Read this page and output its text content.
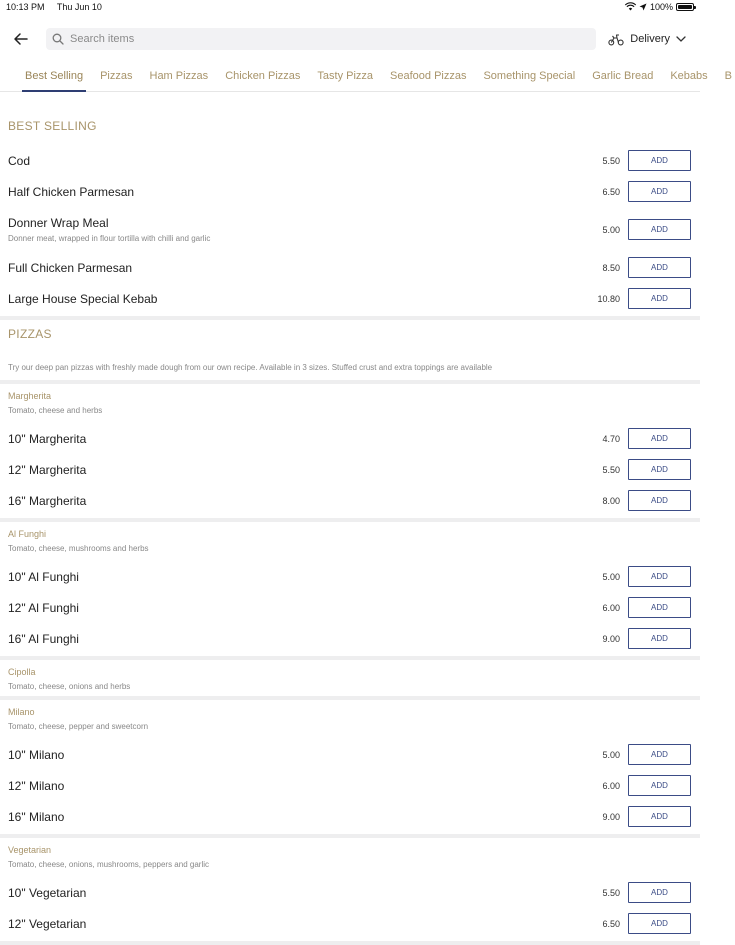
10:13 PM Thu Jun 10	100%
Search items
Delivery
Best Selling Pizzas Ham Pizzas Chicken Pizzas Tasty Pizza Seafood Pizzas Something Special Garlic Bread Kebabs B
BEST SELLING
Cod	5.50	ADD
Half Chicken Parmesan	6.50	ADD
Donner Wrap Meal
Donner meat, wrapped in flour tortilla with chilli and garlic
5.00	ADD
Full Chicken Parmesan	8.50	ADD
Large House Special Kebab	10.80	ADD
PIZZAS
Try our deep pan pizzas with freshly made dough from our own recipe. Available in 3 sizes. Stuffed crust and extra toppings are available
Margherita
Tomato, cheese and herbs
10" Margherita	4.70	ADD
12" Margherita	5.50	ADD
16" Margherita	8.00	ADD
Al Funghi
Tomato, cheese, mushrooms and herbs
10" Al Funghi	5.00	ADD
12" Al Funghi	6.00	ADD
16" Al Funghi	9.00	ADD
Cipolla
Tomato, cheese, onions and herbs
Milano
Tomato, cheese, pepper and sweetcorn
10" Milano	5.00	ADD
12" Milano	6.00	ADD
16" Milano	9.00	ADD
Vegetarian
Tomato, cheese, onions, mushrooms, peppers and garlic
10" Vegetarian	5.50	ADD
12" Vegetarian	6.50	ADD
